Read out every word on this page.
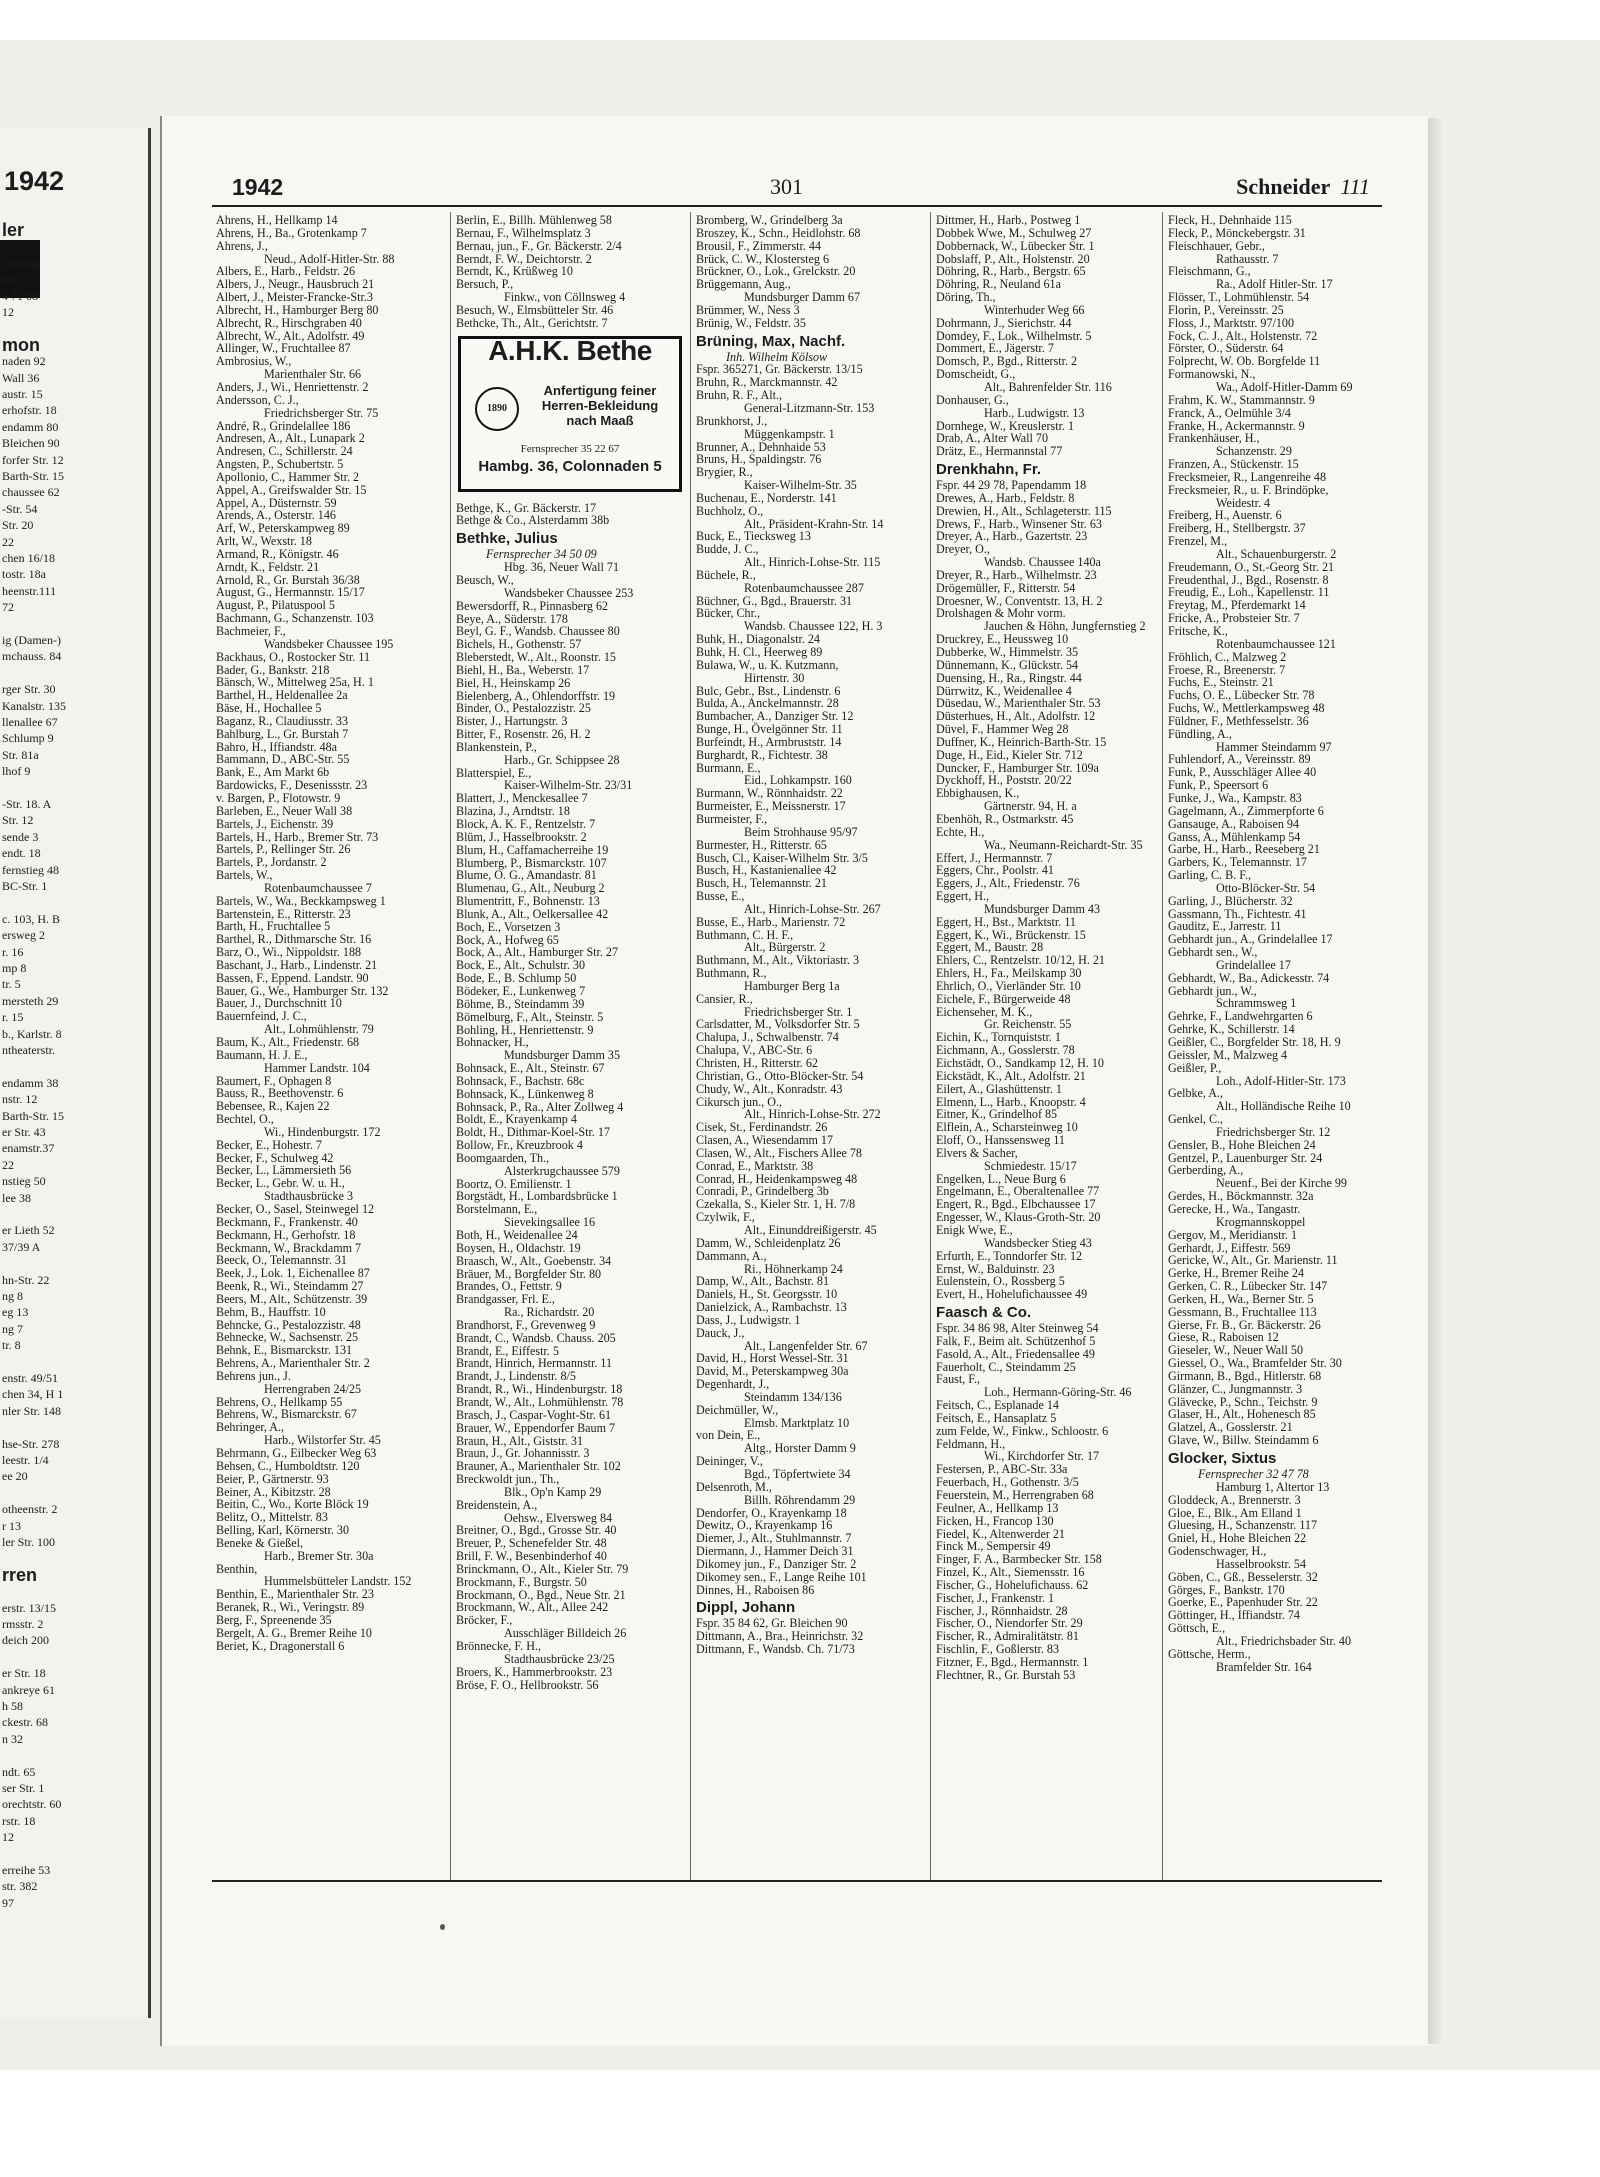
1942
ler
-Innung
rg)
4 71 08
12
mon
naden 92
Wall 36
austr. 15
erhofstr. 18
endamm 80
Bleichen 90
forfer Str. 12
Barth-Str. 15
chaussee 62
-Str. 54
Str. 20
22
chen 16/18
tostr. 18a
heenstr.111
72
ig (Damen-)
mchauss. 84
rger Str. 30
Kanalstr. 135
llenallee 67
Schlump 9
Str. 81a
lhof 9
-Str. 18. A
Str. 12
sende 3
endt. 18
fernstieg 48
BC-Str. 1
c. 103, H. B
ersweg 2
r. 16
mp 8
tr. 5
mersteth 29
r. 15
b., Karlstr. 8
ntheaterstr.
endamm 38
nstr. 12
Barth-Str. 15
er Str. 43
enamstr.37
22
nstieg 50
lee 38
er Lieth 52
37/39 A
hn-Str. 22
ng 8
eg 13
ng 7
tr. 8
enstr. 49/51
chen 34, H 1
nler Str. 148
hse-Str. 278
leestr. 1/4
ee 20
otheenstr. 2
r 13
ler Str. 100
rren
erstr. 13/15
rmsstr. 2
deich 200
er Str. 18
ankreye 61
h 58
ckestr. 68
n 32
ndt. 65
ser Str. 1
orechtstr. 60
rstr. 18
12
erreihe 53
str. 382
97
1942	301	Schneider 111
Ahrens, H., Hellkamp 14
Ahrens, H., Ba., Grotenkamp 7
Ahrens, J.,
Neud., Adolf-Hitler-Str. 88
Albers, E., Harb., Feldstr. 26
Albers, J., Neugr., Hausbruch 21
Albert, J., Meister-Francke-Str.3
Albrecht, H., Hamburger Berg 80
Albrecht, R., Hirschgraben 40
Albrecht, W., Alt., Adolfstr. 49
Allinger, W., Fruchtallee 87
Ambrosius, W.,
Marienthaler Str. 66
Anders, J., Wi., Henriettenstr. 2
Andersson, C. J.,
Friedrichsberger Str. 75
André, R., Grindelallee 186
Andresen, A., Alt., Lunapark 2
Andresen, C., Schillerstr. 24
Angsten, P., Schubertstr. 5
Apollonio, C., Hammer Str. 2
Appel, A., Greifswalder Str. 15
Appel, A., Düsternstr. 59
Arends, A., Osterstr. 146
Arf, W., Peterskampweg 89
Arlt, W., Wexstr. 18
Armand, R., Königstr. 46
Arndt, K., Feldstr. 21
Arnold, R., Gr. Burstah 36/38
August, G., Hermannstr. 15/17
August, P., Pilatuspool 5
Bachmann, G., Schanzenstr. 103
Bachmeier, F.,
Wandsbeker Chaussee 195
Backhaus, O., Rostocker Str. 11
Bader, G., Bankstr. 218
Bänsch, W., Mittelweg 25a, H. 1
Barthel, H., Heldenallee 2a
Bäse, H., Hochallee 5
Baganz, R., Claudiusstr. 33
Bahlburg, L., Gr. Burstah 7
Bahro, H., Iffiandstr. 48a
Bammann, D., ABC-Str. 55
Bank, E., Am Markt 6b
Bardowicks, F., Desenissstr. 23
v. Bargen, P., Flotowstr. 9
Barleben, E., Neuer Wall 38
Bartels, J., Eichenstr. 39
Bartels, H., Harb., Bremer Str. 73
Bartels, P., Rellinger Str. 26
Bartels, P., Jordanstr. 2
Bartels, W.,
Rotenbaumchaussee 7
Bartels, W., Wa., Beckkampsweg 1
Bartenstein, E., Ritterstr. 23
Barth, H., Fruchtallee 5
Barthel, R., Dithmarsche Str. 16
Barz, O., Wi., Nippoldstr. 188
Baschant, J., Harb., Lindenstr. 21
Bassen, F., Eppend. Landstr. 90
Bauer, G., We., Hamburger Str. 132
Bauer, J., Durchschnitt 10
Bauernfeind, J. C.,
Alt., Lohmühlenstr. 79
Baum, K., Alt., Friedenstr. 68
Baumann, H. J. E.,
Hammer Landstr. 104
Baumert, F., Ophagen 8
Bauss, R., Beethovenstr. 6
Bebensee, R., Kajen 22
Bechtel, O.,
Wi., Hindenburgstr. 172
Becker, E., Hohestr. 7
Becker, F., Schulweg 42
Becker, L., Lämmersieth 56
Becker, L., Gebr. W. u. H.,
Stadthausbrücke 3
Becker, O., Sasel, Steinwegel 12
Beckmann, F., Frankenstr. 40
Beckmann, H., Gerhofstr. 18
Beckmann, W., Brackdamm 7
Beeck, O., Telemannstr. 31
Beek, J., Lok. 1, Eichenallee 87
Beenk, R., Wi., Steindamm 27
Beers, M., Alt., Schützenstr. 39
Behm, B., Hauffstr. 10
Behncke, G., Pestalozzistr. 48
Behnecke, W., Sachsenstr. 25
Behnk, E., Bismarckstr. 131
Behrens, A., Marienthaler Str. 2
Behrens jun., J.
Herrengraben 24/25
Behrens, O., Hellkamp 55
Behrens, W., Bismarckstr. 67
Behringer, A.,
Harb., Wilstorfer Str. 45
Behrmann, G., Eilbecker Weg 63
Behsen, C., Humboldtstr. 120
Beier, P., Gärtnerstr. 93
Beiner, A., Kibitzstr. 28
Beitin, C., Wo., Korte Blöck 19
Belitz, O., Mittelstr. 83
Belling, Karl, Körnerstr. 30
Beneke & Gießel,
Harb., Bremer Str. 30a
Benthin,
Hummelsbütteler Landstr. 152
Benthin, E., Marienthaler Str. 23
Beranek, R., Wi., Veringstr. 89
Berg, F., Spreenende 35
Bergelt, A. G., Bremer Reihe 10
Beriet, K., Dragonerstall 6
Berlin, E., Billh. Mühlenweg 58
Bernau, F., Wilhelmsplatz 3
Bernau, jun., F., Gr. Bäckerstr. 2/4
Berndt, F. W., Deichtorstr. 2
Berndt, K., Krüßweg 10
Bersuch, P.,
Finkw., von Cöllnsweg 4
Besuch, W., Elmsbütteler Str. 46
Bethcke, Th., Alt., Gerichtstr. 7
A.H.K. Bethe
1890
Anfertigung feiner
Herren-Bekleidung
nach Maaß
Fernsprecher 35 22 67
Hambg. 36, Colonnaden 5
Bethge, K., Gr. Bäckerstr. 17
Bethge & Co., Alsterdamm 38b
Bethke, Julius
Fernsprecher 34 50 09
Hbg. 36, Neuer Wall 71
Beusch, W.,
Wandsbeker Chaussee 253
Bewersdorff, R., Pinnasberg 62
Beye, A., Süderstr. 178
Beyl, G. F., Wandsb. Chaussee 80
Bichels, H., Gothenstr. 57
Bleberstedt, W., Alt., Roonstr. 15
Biehl, H., Ba., Weberstr. 17
Biel, H., Heinskamp 26
Bielenberg, A., Ohlendorffstr. 19
Binder, O., Pestalozzistr. 25
Bister, J., Hartungstr. 3
Bitter, F., Rosenstr. 26, H. 2
Blankenstein, P.,
Harb., Gr. Schippsee 28
Blatterspiel, E.,
Kaiser-Wilhelm-Str. 23/31
Blattert, J., Menckesallee 7
Blazina, J., Arndtstr. 18
Block, A. K. F., Rentzelstr. 7
Blüm, J., Hasselbrookstr. 2
Blum, H., Caffamacherreihe 19
Blumberg, P., Bismarckstr. 107
Blume, O. G., Amandastr. 81
Blumenau, G., Alt., Neuburg 2
Blumentritt, F., Bohnenstr. 13
Blunk, A., Alt., Oelkersallee 42
Boch, E., Vorsetzen 3
Bock, A., Hofweg 65
Bock, A., Alt., Hamburger Str. 27
Bock, E., Alt., Schulstr. 30
Bode, E., B. Schlump 50
Bödeker, E., Lunkenweg 7
Böhme, B., Steindamm 39
Bömelburg, F., Alt., Steinstr. 5
Bohling, H., Henriettenstr. 9
Bohnacker, H.,
Mundsburger Damm 35
Bohnsack, E., Alt., Steinstr. 67
Bohnsack, F., Bachstr. 68c
Bohnsack, K., Lünkenweg 8
Bohnsack, P., Ra., Alter Zollweg 4
Boldt, E., Krayenkamp 4
Boldt, H., Dithmar-Koel-Str. 17
Bollow, Fr., Kreuzbrook 4
Boomgaarden, Th.,
Alsterkrugchaussee 579
Boortz, O. Emilienstr. 1
Borgstädt, H., Lombardsbrücke 1
Borstelmann, E.,
Sievekingsallee 16
Both, H., Weidenallee 24
Boysen, H., Oldachstr. 19
Braasch, W., Alt., Goebenstr. 34
Bräuer, M., Borgfelder Str. 80
Brandes, O., Fettstr. 9
Brandgasser, Frl. E.,
Ra., Richardstr. 20
Brandhorst, F., Grevenweg 9
Brandt, C., Wandsb. Chauss. 205
Brandt, E., Eiffestr. 5
Brandt, Hinrich, Hermannstr. 11
Brandt, J., Lindenstr. 8/5
Brandt, R., Wi., Hindenburgstr. 18
Brandt, W., Alt., Lohmühlenstr. 78
Brasch, J., Caspar-Voght-Str. 61
Brauer, W., Eppendorfer Baum 7
Braun, H., Alt., Giststr. 31
Braun, J., Gr. Johannisstr. 3
Brauner, A., Marienthaler Str. 102
Breckwoldt jun., Th.,
Blk., Op'n Kamp 29
Breidenstein, A.,
Oehsw., Elversweg 84
Breitner, O., Bgd., Grosse Str. 40
Breuer, P., Schenefelder Str. 48
Brill, F. W., Besenbinderhof 40
Brinckmann, O., Alt., Kieler Str. 79
Brockmann, F., Burgstr. 50
Brockmann, O., Bgd., Neue Str. 21
Brockmann, W., Alt., Allee 242
Bröcker, F.,
Ausschläger Billdeich 26
Brönnecke, F. H.,
Stadthausbrücke 23/25
Broers, K., Hammerbrookstr. 23
Bröse, F. O., Hellbrookstr. 56
Bromberg, W., Grindelberg 3a
Broszey, K., Schn., Heidlohstr. 68
Brousil, F., Zimmerstr. 44
Brück, C. W., Klostersteg 6
Brückner, O., Lok., Grelckstr. 20
Brüggemann, Aug.,
Mundsburger Damm 67
Brümmer, W., Ness 3
Brünig, W., Feldstr. 35
Brüning, Max, Nachf.
Inh. Wilhelm Kölsow
Fspr. 365271, Gr. Bäckerstr. 13/15
Bruhn, R., Marckmannstr. 42
Bruhn, R. F., Alt.,
General-Litzmann-Str. 153
Brunkhorst, J.,
Müggenkampstr. 1
Brunner, A., Dehnhaide 53
Bruns, H., Spaldingstr. 76
Brygier, R.,
Kaiser-Wilhelm-Str. 35
Buchenau, E., Norderstr. 141
Buchholz, O.,
Alt., Präsident-Krahn-Str. 14
Buck, E., Tiecksweg 13
Budde, J. C.,
Alt., Hinrich-Lohse-Str. 115
Büchele, R.,
Rotenbaumchaussee 287
Büchner, G., Bgd., Brauerstr. 31
Bücker, Chr.,
Wandsb. Chaussee 122, H. 3
Buhk, H., Diagonalstr. 24
Buhk, H. Cl., Heerweg 89
Bulawa, W., u. K. Kutzmann,
Hirtenstr. 30
Bulc, Gebr., Bst., Lindenstr. 6
Bulda, A., Anckelmannstr. 28
Bumbacher, A., Danziger Str. 12
Bunge, H., Övelgönner Str. 11
Burfeindt, H., Armbruststr. 14
Burghardt, R., Fichtestr. 38
Burmann, E.,
Eid., Lohkampstr. 160
Burmann, W., Rönnhaidstr. 22
Burmeister, E., Meissnerstr. 17
Burmeister, F.,
Beim Strohhause 95/97
Burmester, H., Ritterstr. 65
Busch, Cl., Kaiser-Wilhelm Str. 3/5
Busch, H., Kastanienallee 42
Busch, H., Telemannstr. 21
Busse, E.,
Alt., Hinrich-Lohse-Str. 267
Busse, E., Harb., Marienstr. 72
Buthmann, C. H. F.,
Alt., Bürgerstr. 2
Buthmann, M., Alt., Viktoriastr. 3
Buthmann, R.,
Hamburger Berg 1a
Cansier, R.,
Friedrichsberger Str. 1
Carlsdatter, M., Volksdorfer Str. 5
Chalupa, J., Schwalbenstr. 74
Chalupa, V., ABC-Str. 6
Christen, H., Ritterstr. 62
Christian, G., Otto-Blöcker-Str. 54
Chudy, W., Alt., Konradstr. 43
Cikursch jun., O.,
Alt., Hinrich-Lohse-Str. 272
Cisek, St., Ferdinandstr. 26
Clasen, A., Wiesendamm 17
Clasen, W., Alt., Fischers Allee 78
Conrad, E., Marktstr. 38
Conrad, H., Heidenkampsweg 48
Conradi, P., Grindelberg 3b
Czekalla, S., Kieler Str. 1, H. 7/8
Czylwik, F.,
Alt., Einunddreißigerstr. 45
Damm, W., Schleidenplatz 26
Dammann, A.,
Ri., Höhnerkamp 24
Damp, W., Alt., Bachstr. 81
Daniels, H., St. Georgsstr. 10
Danielzick, A., Rambachstr. 13
Dass, J., Ludwigstr. 1
Dauck, J.,
Alt., Langenfelder Str. 67
David, H., Horst Wessel-Str. 31
David, M., Peterskampweg 30a
Degenhardt, J.,
Steindamm 134/136
Deichmüller, W.,
Elmsb. Marktplatz 10
von Dein, E.,
Altg., Horster Damm 9
Deininger, V.,
Bgd., Töpfertwiete 34
Delsenroth, M.,
Billh. Röhrendamm 29
Dendorfer, O., Krayenkamp 18
Dewitz, O., Krayenkamp 16
Diemer, J., Alt., Stuhlmannstr. 7
Diermann, J., Hammer Deich 31
Dikomey jun., F., Danziger Str. 2
Dikomey sen., F., Lange Reihe 101
Dinnes, H., Raboisen 86
Dippl, Johann
Fspr. 35 84 62, Gr. Bleichen 90
Dittmann, A., Bra., Heinrichstr. 32
Dittmann, F., Wandsb. Ch. 71/73
Dittmer, H., Harb., Postweg 1
Dobbek Wwe, M., Schulweg 27
Dobbernack, W., Lübecker Str. 1
Dobslaff, P., Alt., Holstenstr. 20
Döhring, R., Harb., Bergstr. 65
Döhring, R., Neuland 61a
Döring, Th.,
Winterhuder Weg 66
Dohrmann, J., Sierichstr. 44
Domdey, F., Lok., Wilhelmstr. 5
Dommert, E., Jägerstr. 7
Domsch, P., Bgd., Ritterstr. 2
Domscheidt, G.,
Alt., Bahrenfelder Str. 116
Donhauser, G.,
Harb., Ludwigstr. 13
Dornhege, W., Kreuslerstr. 1
Drab, A., Alter Wall 70
Drätz, E., Hermannstal 77
Drenkhahn, Fr.
Fspr. 44 29 78, Papendamm 18
Drewes, A., Harb., Feldstr. 8
Drewien, H., Alt., Schlageterstr. 115
Drews, F., Harb., Winsener Str. 63
Dreyer, A., Harb., Gazertstr. 23
Dreyer, O.,
Wandsb. Chaussee 140a
Dreyer, R., Harb., Wilhelmstr. 23
Drögemüller, F., Ritterstr. 54
Droesner, W., Conventstr. 13, H. 2
Drolshagen & Mohr vorm.
Jauchen & Höhn, Jungfernstieg 2
Druckrey, E., Heussweg 10
Dubberke, W., Himmelstr. 35
Dünnemann, K., Glückstr. 54
Duensing, H., Ra., Ringstr. 44
Dürrwitz, K., Weidenallee 4
Düsedau, W., Marienthaler Str. 53
Düsterhues, H., Alt., Adolfstr. 12
Düvel, F., Hammer Weg 28
Duffner, K., Heinrich-Barth-Str. 15
Duge, H., Eid., Kieler Str. 712
Duncker, F., Hamburger Str. 109a
Dyckhoff, H., Poststr. 20/22
Ebbighausen, K.,
Gärtnerstr. 94, H. a
Ebenhöh, R., Ostmarkstr. 45
Echte, H.,
Wa., Neumann-Reichardt-Str. 35
Effert, J., Hermannstr. 7
Eggers, Chr., Poolstr. 41
Eggers, J., Alt., Friedenstr. 76
Eggert, H.,
Mundsburger Damm 43
Eggert, H., Bst., Marktstr. 11
Eggert, K., Wi., Brückenstr. 15
Eggert, M., Baustr. 28
Ehlers, C., Rentzelstr. 10/12, H. 21
Ehlers, H., Fa., Meilskamp 30
Ehrlich, O., Vierländer Str. 10
Eichele, F., Bürgerweide 48
Eichenseher, M. K.,
Gr. Reichenstr. 55
Eichin, K., Tornquiststr. 1
Eichmann, A., Gosslerstr. 78
Eichstädt, O., Sandkamp 12, H. 10
Eickstädt, K., Alt., Adolfstr. 21
Eilert, A., Glashüttenstr. 1
Elmenn, L., Harb., Knoopstr. 4
Eitner, K., Grindelhof 85
Elflein, A., Scharsteinweg 10
Eloff, O., Hanssensweg 11
Elvers & Sacher,
Schmiedestr. 15/17
Engelken, L., Neue Burg 6
Engelmann, E., Oberaltenallee 77
Engert, R., Bgd., Elbchaussee 17
Engesser, W., Klaus-Groth-Str. 20
Enigk Wwe, E.,
Wandsbecker Stieg 43
Erfurth, E., Tonndorfer Str. 12
Ernst, W., Balduinstr. 23
Eulenstein, O., Rossberg 5
Evert, H., Hohelufichaussee 49
Faasch & Co.
Fspr. 34 86 98, Alter Steinweg 54
Falk, F., Beim alt. Schützenhof 5
Fasold, A., Alt., Friedensallee 49
Fauerholt, C., Steindamm 25
Faust, F.,
Loh., Hermann-Göring-Str. 46
Feitsch, C., Esplanade 14
Feitsch, E., Hansaplatz 5
zum Felde, W., Finkw., Schloostr. 6
Feldmann, H.,
Wi., Kirchdorfer Str. 17
Festersen, P., ABC-Str. 33a
Feuerbach, H., Gothenstr. 3/5
Feuerstein, M., Herrengraben 68
Feulner, A., Hellkamp 13
Ficken, H., Francop 130
Fiedel, K., Altenwerder 21
Finck M., Sempersir 49
Finger, F. A., Barmbecker Str. 158
Finzel, K., Alt., Siemensstr. 16
Fischer, G., Hohelufichauss. 62
Fischer, J., Frankenstr. 1
Fischer, J., Rönnhaidstr. 28
Fischer, O., Niendorfer Str. 29
Fischer, R., Admiralitätstr. 81
Fischlin, F., Goßlerstr. 83
Fitzner, F., Bgd., Hermannstr. 1
Flechtner, R., Gr. Burstah 53
Fleck, H., Dehnhaide 115
Fleck, P., Mönckebergstr. 31
Fleischhauer, Gebr.,
Rathausstr. 7
Fleischmann, G.,
Ra., Adolf Hitler-Str. 17
Flösser, T., Lohmühlenstr. 54
Florin, P., Vereinsstr. 25
Floss, J., Marktstr. 97/100
Fock, C. J., Alt., Holstenstr. 72
Förster, O., Süderstr. 64
Folprecht, W. Ob. Borgfelde 11
Formanowski, N.,
Wa., Adolf-Hitler-Damm 69
Frahm, K. W., Stammannstr. 9
Franck, A., Oelmühle 3/4
Franke, H., Ackermannstr. 9
Frankenhäuser, H.,
Schanzenstr. 29
Franzen, A., Stückenstr. 15
Frecksmeier, R., Langenreihe 48
Frecksmeier, R., u. F. Brindöpke,
Weidestr. 4
Freiberg, H., Auenstr. 6
Freiberg, H., Stellbergstr. 37
Frenzel, M.,
Alt., Schauenburgerstr. 2
Freudemann, O., St.-Georg Str. 21
Freudenthal, J., Bgd., Rosenstr. 8
Freudig, E., Loh., Kapellenstr. 11
Freytag, M., Pferdemarkt 14
Fricke, A., Probsteier Str. 7
Fritsche, K.,
Rotenbaumchaussee 121
Fröhlich, C., Malzweg 2
Froese, R., Breenerstr. 7
Fuchs, E., Steinstr. 21
Fuchs, O. E., Lübecker Str. 78
Fuchs, W., Mettlerkampsweg 48
Füldner, F., Methfesselstr. 36
Fündling, A.,
Hammer Steindamm 97
Fuhlendorf, A., Vereinsstr. 89
Funk, P., Ausschläger Allee 40
Funk, P., Speersort 6
Funke, J., Wa., Kampstr. 83
Gagelmann, A., Zimmerpforte 6
Gansauge, A., Raboisen 94
Ganss, A., Mühlenkamp 54
Garbe, H., Harb., Reeseberg 21
Garbers, K., Telemannstr. 17
Garling, C. B. F.,
Otto-Blöcker-Str. 54
Garling, J., Blücherstr. 32
Gassmann, Th., Fichtestr. 41
Gauditz, E., Jarrestr. 11
Gebhardt jun., A., Grindelallee 17
Gebhardt sen., W.,
Grindelallee 17
Gebhardt, W., Ba., Adickesstr. 74
Gebhardt jun., W.,
Schrammsweg 1
Gehrke, F., Landwehrgarten 6
Gehrke, K., Schillerstr. 14
Geißler, C., Borgfelder Str. 18, H. 9
Geissler, M., Malzweg 4
Geißler, P.,
Loh., Adolf-Hitler-Str. 173
Gelbke, A.,
Alt., Holländische Reihe 10
Genkel, C.,
Friedrichsberger Str. 12
Gensler, B., Hohe Bleichen 24
Gentzel, P., Lauenburger Str. 24
Gerberding, A.,
Neuenf., Bei der Kirche 99
Gerdes, H., Böckmannstr. 32a
Gerecke, H., Wa., Tangastr.
Krogmannskoppel
Gergov, M., Meridianstr. 1
Gerhardt, J., Eiffestr. 569
Gericke, W., Alt., Gr. Marienstr. 11
Gerke, H., Bremer Reihe 24
Gerken, C. R., Lübecker Str. 147
Gerken, H., Wa., Berner Str. 5
Gessmann, B., Fruchtallee 113
Gierse, Fr. B., Gr. Bäckerstr. 26
Giese, R., Raboisen 12
Gieseler, W., Neuer Wall 50
Giessel, O., Wa., Bramfelder Str. 30
Girmann, B., Bgd., Hitlerstr. 68
Glänzer, C., Jungmannstr. 3
Glävecke, P., Schn., Teichstr. 9
Glaser, H., Alt., Hohenesch 85
Glatzel, A., Gosslerstr. 21
Glave, W., Billw. Steindamm 6
Glocker, Sixtus
Fernsprecher 32 47 78
Hamburg 1, Altertor 13
Gloddeck, A., Brennerstr. 3
Gloe, E., Blk., Am Elland 1
Gluesing, H., Schanzenstr. 117
Gniel, H., Hohe Bleichen 22
Godenschwager, H.,
Hasselbrookstr. 54
Göben, C., Gß., Besselerstr. 32
Görges, F., Bankstr. 170
Goerke, E., Papenhuder Str. 22
Göttinger, H., Iffiandstr. 74
Göttsch, E.,
Alt., Friedrichsbader Str. 40
Göttsche, Herm.,
Bramfelder Str. 164
